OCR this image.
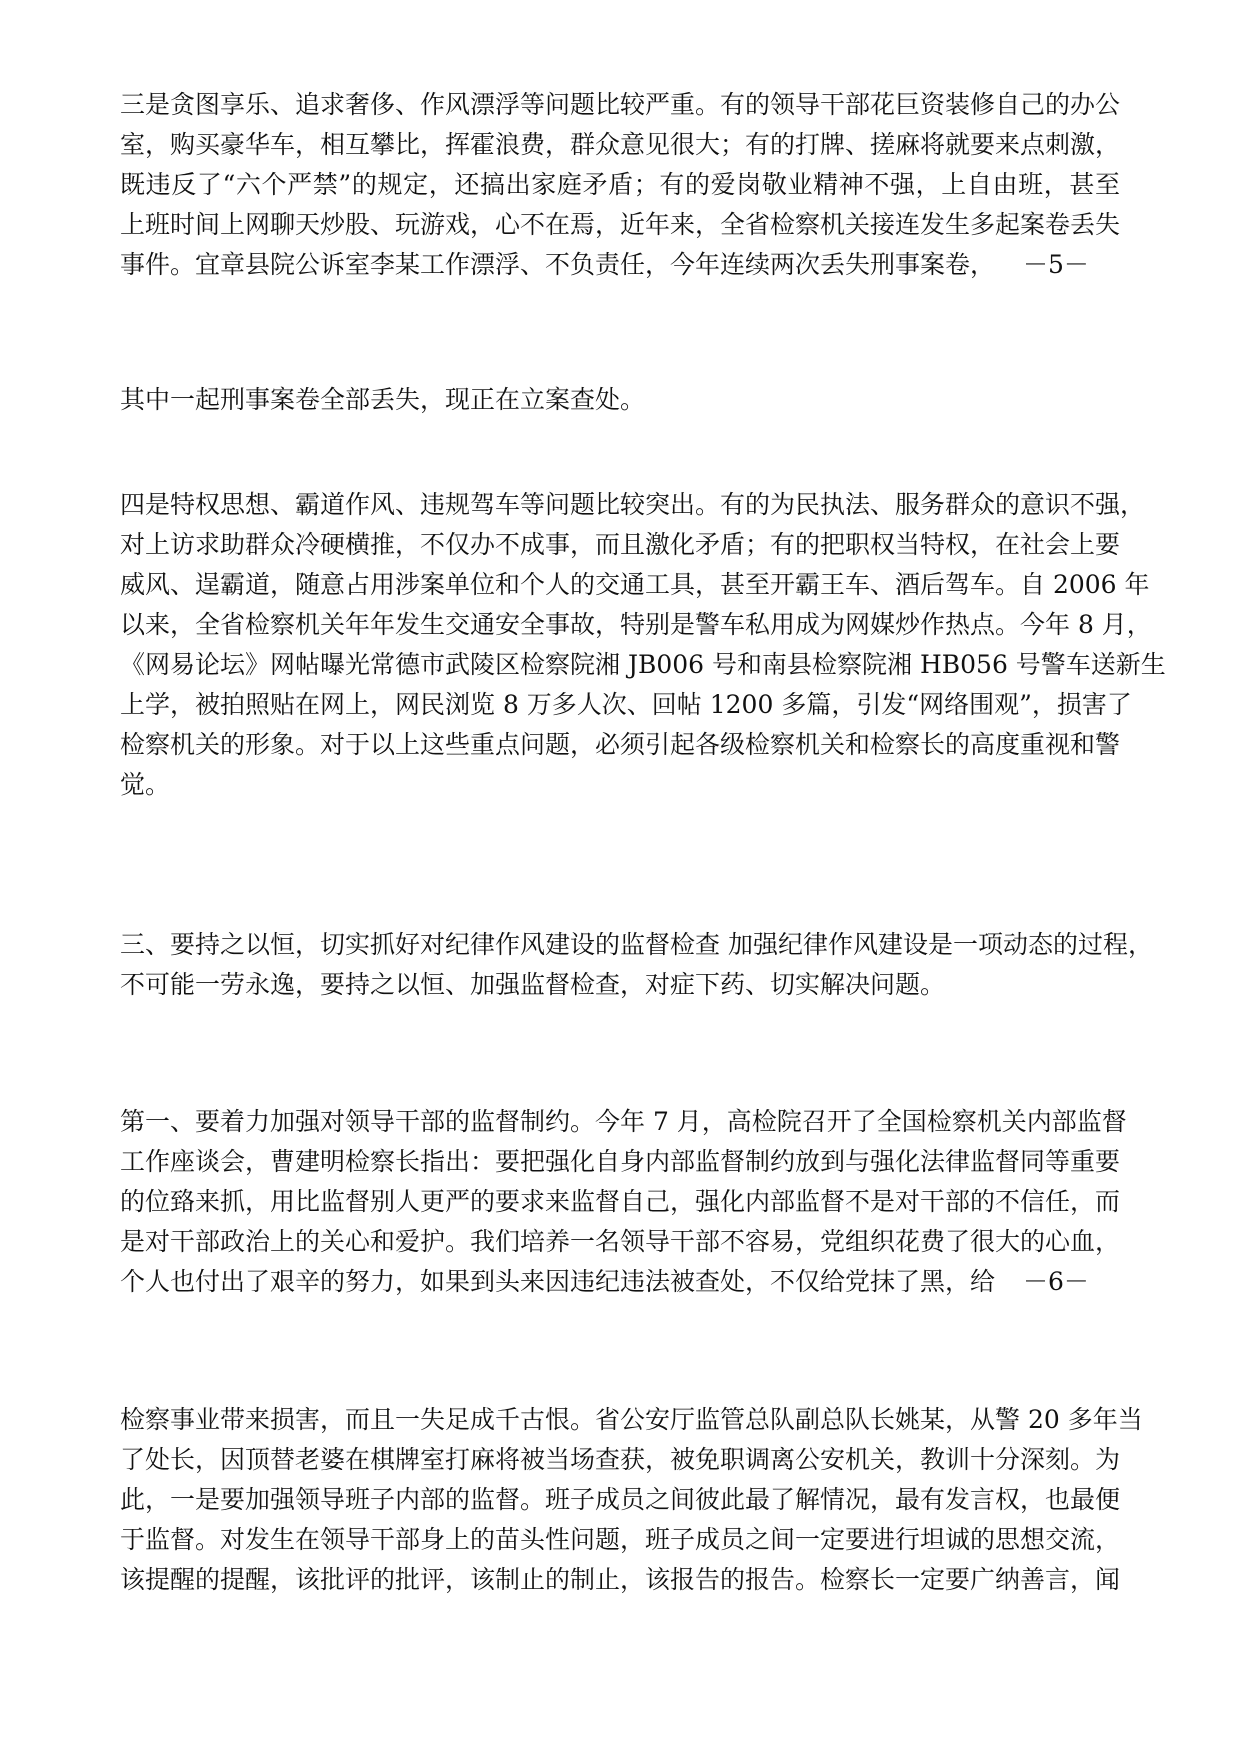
三是贪图享乐、追求奢侈、作风漂浮等问题比较严重。有的领导干部花巨资装修自己的办公
室，购买豪华车，相互攀比，挥霍浪费，群众意见很大；有的打牌、搓麻将就要来点刺激，
既违反了“六个严禁”的规定，还搞出家庭矛盾；有的爱岗敬业精神不强，上自由班，甚至
上班时间上网聊天炒股、玩游戏，心不在焉，近年来，全省检察机关接连发生多起案卷丢失
事件。宜章县院公诉室李某工作漂浮、不负责任，今年连续两次丢失刑事案卷， －5－
其中一起刑事案卷全部丢失，现正在立案查处。
四是特权思想、霸道作风、违规驾车等问题比较突出。有的为民执法、服务群众的意识不强，
对上访求助群众冷硬横推，不仅办不成事，而且激化矛盾；有的把职权当特权，在社会上要
威风、逞霸道，随意占用涉案单位和个人的交通工具，甚至开霸王车、酒后驾车。自 2006 年
以来，全省检察机关年年发生交通安全事故，特别是警车私用成为网媒炒作热点。今年 8 月，
《网易论坛》网帖曝光常德市武陵区检察院湘 JB006 号和南县检察院湘 HB056 号警车送新生
上学，被拍照贴在网上，网民浏览 8 万多人次、回帖 1200 多篇，引发“网络围观”，损害了
检察机关的形象。对于以上这些重点问题，必须引起各级检察机关和检察长的高度重视和警
觉。
三、要持之以恒，切实抓好对纪律作风建设的监督检查 加强纪律作风建设是一项动态的过程，
不可能一劳永逸，要持之以恒、加强监督检查，对症下药、切实解决问题。
第一、要着力加强对领导干部的监督制约。今年 7 月，高检院召开了全国检察机关内部监督
工作座谈会，曹建明检察长指出：要把强化自身内部监督制约放到与强化法律监督同等重要
的位臵来抓，用比监督别人更严的要求来监督自己，强化内部监督不是对干部的不信任，而
是对干部政治上的关心和爱护。我们培养一名领导干部不容易，党组织花费了很大的心血，
个人也付出了艰辛的努力，如果到头来因违纪违法被查处，不仅给党抹了黑，给 －6－
检察事业带来损害，而且一失足成千古恨。省公安厅监管总队副总队长姚某，从警 20 多年当
了处长，因顶替老婆在棋牌室打麻将被当场查获，被免职调离公安机关，教训十分深刻。为
此，一是要加强领导班子内部的监督。班子成员之间彼此最了解情况，最有发言权，也最便
于监督。对发生在领导干部身上的苗头性问题，班子成员之间一定要进行坦诚的思想交流，
该提醒的提醒，该批评的批评，该制止的制止，该报告的报告。检察长一定要广纳善言，闻
